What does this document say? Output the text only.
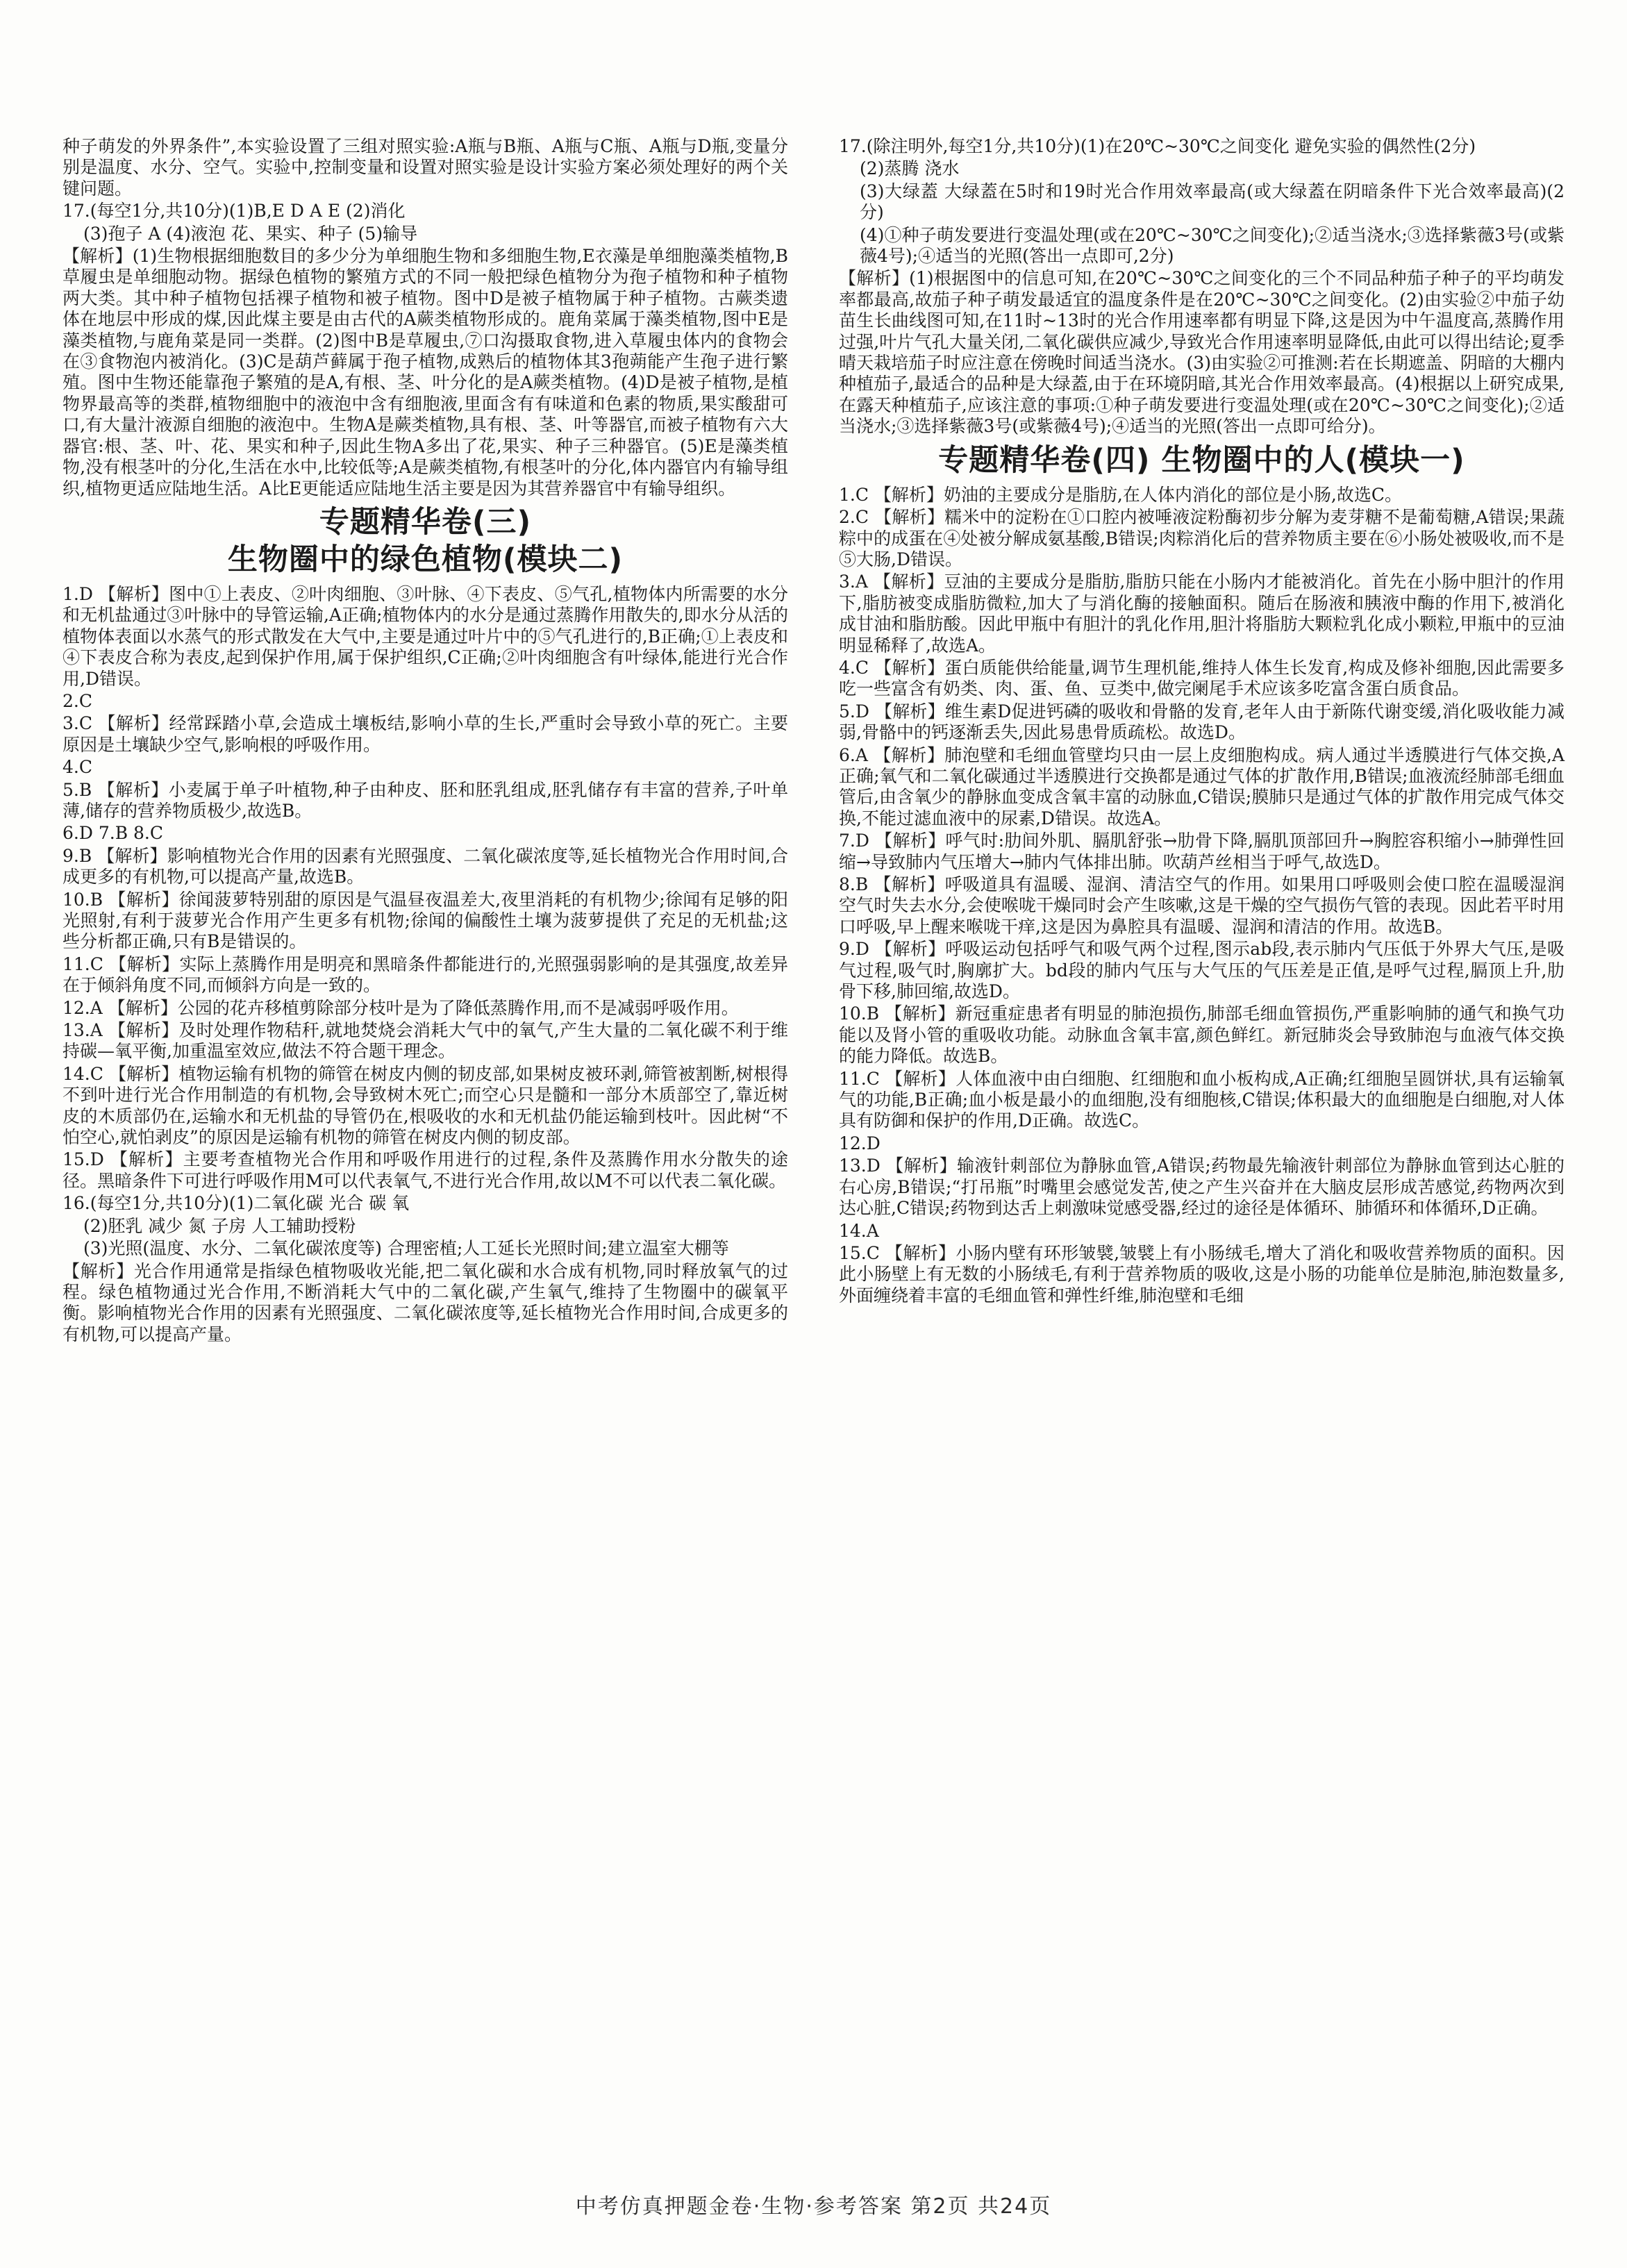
种子萌发的外界条件”,本实验设置了三组对照实验:A瓶与B瓶、A瓶与C瓶、A瓶与D瓶,变量分别是温度、水分、空气。实验中,控制变量和设置对照实验是设计实验方案必须处理好的两个关键问题。

17.(每空1分,共10分)(1)B,E D A E (2)消化

(3)孢子 A (4)液泡 花、果实、种子 (5)输导

【解析】(1)生物根据细胞数目的多少分为单细胞生物和多细胞生物,E衣藻是单细胞藻类植物,B草履虫是单细胞动物。据绿色植物的繁殖方式的不同一般把绿色植物分为孢子植物和种子植物两大类。其中种子植物包括裸子植物和被子植物。图中D是被子植物属于种子植物。古蕨类遗体在地层中形成的煤,因此煤主要是由古代的A蕨类植物形成的。鹿角菜属于藻类植物,图中E是藻类植物,与鹿角菜是同一类群。(2)图中B是草履虫,⑦口沟摄取食物,进入草履虫体内的食物会在③食物泡内被消化。(3)C是葫芦藓属于孢子植物,成熟后的植物体其3孢蒴能产生孢子进行繁殖。图中生物还能靠孢子繁殖的是A,有根、茎、叶分化的是A蕨类植物。(4)D是被子植物,是植物界最高等的类群,植物细胞中的液泡中含有细胞液,里面含有有味道和色素的物质,果实酸甜可口,有大量汁液源自细胞的液泡中。生物A是蕨类植物,具有根、茎、叶等器官,而被子植物有六大器官:根、茎、叶、花、果实和种子,因此生物A多出了花,果实、种子三种器官。(5)E是藻类植物,没有根茎叶的分化,生活在水中,比较低等;A是蕨类植物,有根茎叶的分化,体内器官内有输导组织,植物更适应陆地生活。A比E更能适应陆地生活主要是因为其营养器官中有输导组织。

专题精华卷(三)
生物圈中的绿色植物(模块二)

1.D 【解析】图中①上表皮、②叶肉细胞、③叶脉、④下表皮、⑤气孔,植物体内所需要的水分和无机盐通过③叶脉中的导管运输,A正确;植物体内的水分是通过蒸腾作用散失的,即水分从活的植物体表面以水蒸气的形式散发在大气中,主要是通过叶片中的⑤气孔进行的,B正确;①上表皮和④下表皮合称为表皮,起到保护作用,属于保护组织,C正确;②叶肉细胞含有叶绿体,能进行光合作用,D错误。

2.C

3.C 【解析】经常踩踏小草,会造成土壤板结,影响小草的生长,严重时会导致小草的死亡。主要原因是土壤缺少空气,影响根的呼吸作用。

4.C

5.B 【解析】小麦属于单子叶植物,种子由种皮、胚和胚乳组成,胚乳储存有丰富的营养,子叶单薄,储存的营养物质极少,故选B。

6.D 7.B 8.C

9.B 【解析】影响植物光合作用的因素有光照强度、二氧化碳浓度等,延长植物光合作用时间,合成更多的有机物,可以提高产量,故选B。

10.B 【解析】徐闻菠萝特别甜的原因是气温昼夜温差大,夜里消耗的有机物少;徐闻有足够的阳光照射,有利于菠萝光合作用产生更多有机物;徐闻的偏酸性土壤为菠萝提供了充足的无机盐;这些分析都正确,只有B是错误的。

11.C 【解析】实际上蒸腾作用是明亮和黑暗条件都能进行的,光照强弱影响的是其强度,故差异在于倾斜角度不同,而倾斜方向是一致的。

12.A 【解析】公园的花卉移植剪除部分枝叶是为了降低蒸腾作用,而不是减弱呼吸作用。

13.A 【解析】及时处理作物秸秆,就地焚烧会消耗大气中的氧气,产生大量的二氧化碳不利于维持碳—氧平衡,加重温室效应,做法不符合题干理念。

14.C 【解析】植物运输有机物的筛管在树皮内侧的韧皮部,如果树皮被环剥,筛管被割断,树根得不到叶进行光合作用制造的有机物,会导致树木死亡;而空心只是髓和一部分木质部空了,靠近树皮的木质部仍在,运输水和无机盐的导管仍在,根吸收的水和无机盐仍能运输到枝叶。因此树“不怕空心,就怕剥皮”的原因是运输有机物的筛管在树皮内侧的韧皮部。

15.D 【解析】主要考查植物光合作用和呼吸作用进行的过程,条件及蒸腾作用水分散失的途径。黑暗条件下可进行呼吸作用M可以代表氧气,不进行光合作用,故以M不可以代表二氧化碳。

16.(每空1分,共10分)(1)二氧化碳 光合 碳 氧

(2)胚乳 减少 氮 子房 人工辅助授粉

(3)光照(温度、水分、二氧化碳浓度等) 合理密植;人工延长光照时间;建立温室大棚等

【解析】光合作用通常是指绿色植物吸收光能,把二氧化碳和水合成有机物,同时释放氧气的过程。绿色植物通过光合作用,不断消耗大气中的二氧化碳,产生氧气,维持了生物圈中的碳氧平衡。影响植物光合作用的因素有光照强度、二氧化碳浓度等,延长植物光合作用时间,合成更多的有机物,可以提高产量。

17.(除注明外,每空1分,共10分)(1)在20℃~30℃之间变化 避免实验的偶然性(2分)

(2)蒸腾 浇水

(3)大绿蓋 大绿蓋在5时和19时光合作用效率最高(或大绿蓋在阴暗条件下光合效率最高)(2分)

(4)①种子萌发要进行变温处理(或在20℃~30℃之间变化);②适当浇水;③选择紫薇3号(或紫薇4号);④适当的光照(答出一点即可,2分)

【解析】(1)根据图中的信息可知,在20℃~30℃之间变化的三个不同品种茄子种子的平均萌发率都最高,故茄子种子萌发最适宜的温度条件是在20℃~30℃之间变化。(2)由实验②中茄子幼苗生长曲线图可知,在11时~13时的光合作用速率都有明显下降,这是因为中午温度高,蒸腾作用过强,叶片气孔大量关闭,二氧化碳供应减少,导致光合作用速率明显降低,由此可以得出结论;夏季晴天栽培茄子时应注意在傍晚时间适当浇水。(3)由实验②可推测:若在长期遮盖、阴暗的大棚内种植茄子,最适合的品种是大绿蓋,由于在环境阴暗,其光合作用效率最高。(4)根据以上研究成果,在露天种植茄子,应该注意的事项:①种子萌发要进行变温处理(或在20℃~30℃之间变化);②适当浇水;③选择紫薇3号(或紫薇4号);④适当的光照(答出一点即可给分)。

专题精华卷(四) 生物圈中的人(模块一)

1.C 【解析】奶油的主要成分是脂肪,在人体内消化的部位是小肠,故选C。

2.C 【解析】糯米中的淀粉在①口腔内被唾液淀粉酶初步分解为麦芽糖不是葡萄糖,A错误;果蔬粽中的成蛋在④处被分解成氨基酸,B错误;肉粽消化后的营养物质主要在⑥小肠处被吸收,而不是⑤大肠,D错误。

3.A 【解析】豆油的主要成分是脂肪,脂肪只能在小肠内才能被消化。首先在小肠中胆汁的作用下,脂肪被变成脂肪微粒,加大了与消化酶的接触面积。随后在肠液和胰液中酶的作用下,被消化成甘油和脂肪酸。因此甲瓶中有胆汁的乳化作用,胆汁将脂肪大颗粒乳化成小颗粒,甲瓶中的豆油明显稀释了,故选A。

4.C 【解析】蛋白质能供给能量,调节生理机能,维持人体生长发育,构成及修补细胞,因此需要多吃一些富含有奶类、肉、蛋、鱼、豆类中,做完阑尾手术应该多吃富含蛋白质食品。

5.D 【解析】维生素D促进钙磷的吸收和骨骼的发育,老年人由于新陈代谢变缓,消化吸收能力减弱,骨骼中的钙逐渐丢失,因此易患骨质疏松。故选D。

6.A 【解析】肺泡壁和毛细血管壁均只由一层上皮细胞构成。病人通过半透膜进行气体交换,A正确;氧气和二氧化碳通过半透膜进行交换都是通过气体的扩散作用,B错误;血液流经肺部毛细血管后,由含氧少的静脉血变成含氧丰富的动脉血,C错误;膜肺只是通过气体的扩散作用完成气体交换,不能过滤血液中的尿素,D错误。故选A。

7.D 【解析】呼气时:肋间外肌、膈肌舒张→肋骨下降,膈肌顶部回升→胸腔容积缩小→肺弹性回缩→导致肺内气压增大→肺内气体排出肺。吹葫芦丝相当于呼气,故选D。

8.B 【解析】呼吸道具有温暖、湿润、清洁空气的作用。如果用口呼吸则会使口腔在温暖湿润空气时失去水分,会使喉咙干燥同时会产生咳嗽,这是干燥的空气损伤气管的表现。因此若平时用口呼吸,早上醒来喉咙干痒,这是因为鼻腔具有温暖、湿润和清洁的作用。故选B。

9.D 【解析】呼吸运动包括呼气和吸气两个过程,图示ab段,表示肺内气压低于外界大气压,是吸气过程,吸气时,胸廓扩大。bd段的肺内气压与大气压的气压差是正值,是呼气过程,膈顶上升,肋骨下移,肺回缩,故选D。

10.B 【解析】新冠重症患者有明显的肺泡损伤,肺部毛细血管损伤,严重影响肺的通气和换气功能以及肾小管的重吸收功能。动脉血含氧丰富,颜色鲜红。新冠肺炎会导致肺泡与血液气体交换的能力降低。故选B。

11.C 【解析】人体血液中由白细胞、红细胞和血小板构成,A正确;红细胞呈圆饼状,具有运输氧气的功能,B正确;血小板是最小的血细胞,没有细胞核,C错误;体积最大的血细胞是白细胞,对人体具有防御和保护的作用,D正确。故选C。

12.D

13.D 【解析】输液针刺部位为静脉血管,A错误;药物最先输液针刺部位为静脉血管到达心脏的右心房,B错误;“打吊瓶”时嘴里会感觉发苦,使之产生兴奋并在大脑皮层形成苦感觉,药物两次到达心脏,C错误;药物到达舌上刺激味觉感受器,经过的途径是体循环、肺循环和体循环,D正确。

14.A

15.C 【解析】小肠内壁有环形皱襞,皱襞上有小肠绒毛,增大了消化和吸收营养物质的面积。因此小肠壁上有无数的小肠绒毛,有利于营养物质的吸收,这是小肠的功能单位是肺泡,肺泡数量多,外面缠绕着丰富的毛细血管和弹性纤维,肺泡壁和毛细

中考仿真押题金卷·生物·参考答案 第2页 共24页
